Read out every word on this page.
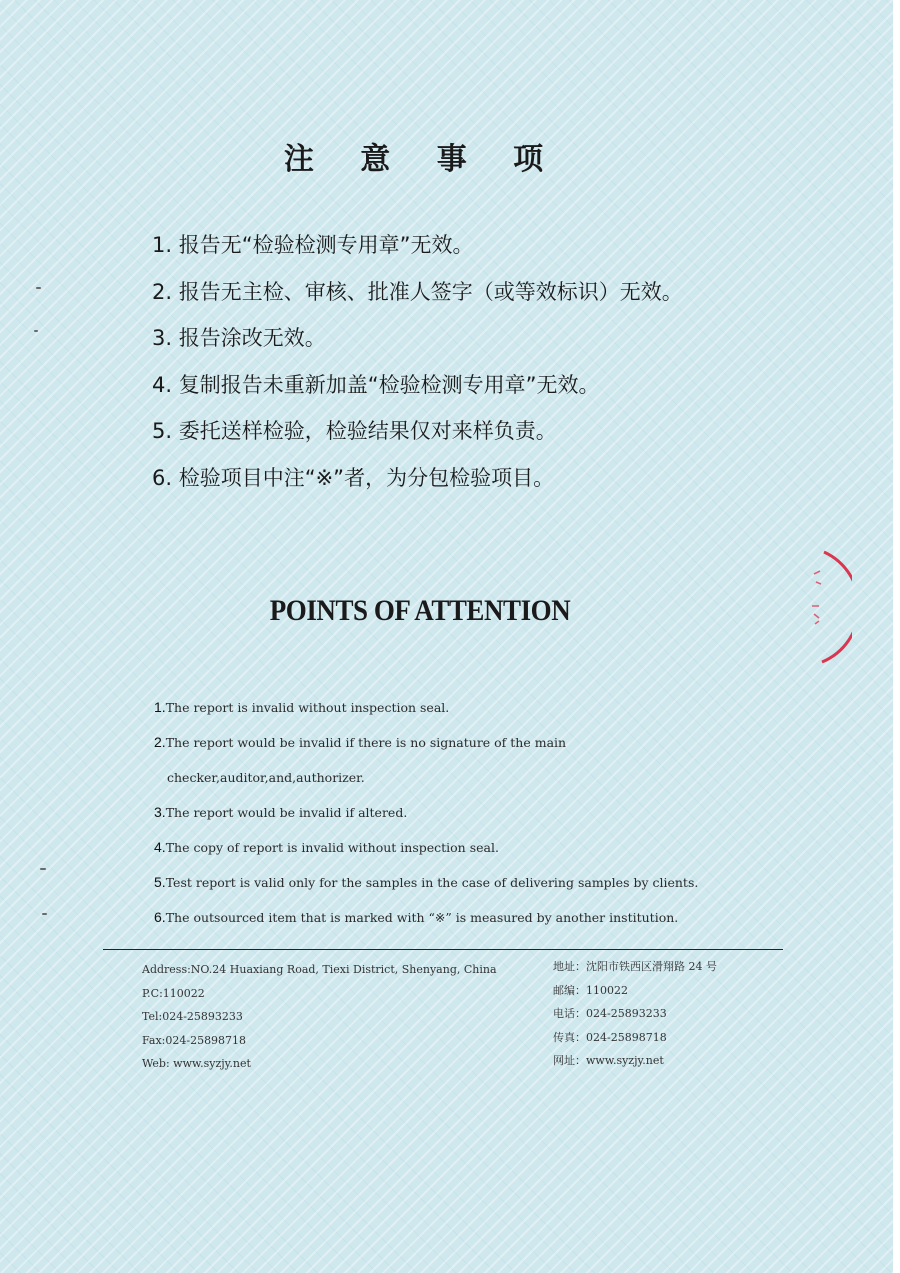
注 意 事 项
1. 报告无“检验检测专用章”无效。
2. 报告无主检、审核、批准人签字（或等效标识）无效。
3. 报告涂改无效。
4. 复制报告未重新加盖“检验检测专用章”无效。
5. 委托送样检验，检验结果仅对来样负责。
6. 检验项目中注“※”者，为分包检验项目。
POINTS OF ATTENTION
1.The report is invalid without inspection seal.
2.The report would be invalid if there is no signature of the main
checker,auditor,and,authorizer.
3.The report would be invalid if altered.
4.The copy of report is invalid without inspection seal.
5.Test report is valid only for the samples in the case of delivering samples by clients.
6.The outsourced item that is marked with “※” is measured by another institution.
Address:NO.24 Huaxiang Road, Tiexi District, Shenyang, China
P.C:110022
Tel:024-25893233
Fax:024-25898718
Web: www.syzjy.net
地址：沈阳市铁西区滑翔路 24 号
邮编：110022
电话：024-25893233
传真：024-25898718
网址：www.syzjy.net
